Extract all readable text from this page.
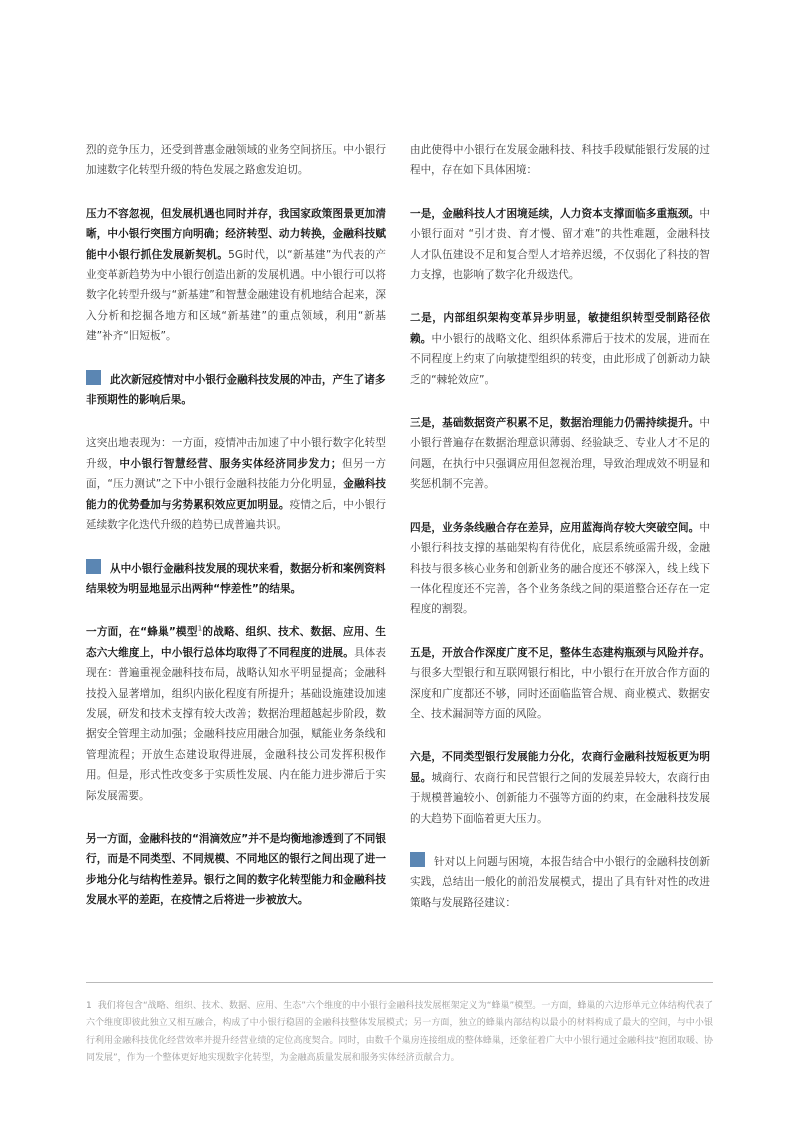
烈的竞争压力，还受到普惠金融领域的业务空间挤压。中小银行加速数字化转型升级的特色发展之路愈发迫切。

压力不容忽视，但发展机遇也同时并存，我国家政策图景更加清晰，中小银行突围方向明确；经济转型、动力转换，金融科技赋能中小银行抓住发展新契机。5G时代，以“新基建”为代表的产业变革新趋势为中小银行创造出新的发展机遇。中小银行可以将数字化转型升级与“新基建”和智慧金融建设有机地结合起来，深入分析和挖掘各地方和区域“新基建”的重点领域，利用“新基建”补齐“旧短板”。

此次新冠疫情对中小银行金融科技发展的冲击，产生了诸多非预期性的影响后果。

这突出地表现为：一方面，疫情冲击加速了中小银行数字化转型升级，中小银行智慧经营、服务实体经济同步发力；但另一方面，“压力测试”之下中小银行金融科技能力分化明显，金融科技能力的优势叠加与劣势累积效应更加明显。疫情之后，中小银行延续数字化迭代升级的趋势已成普遍共识。

从中小银行金融科技发展的现状来看，数据分析和案例资料结果较为明显地显示出两种“悖差性”的结果。

一方面，在“蜂巢”模型$^1$的战略、组织、技术、数据、应用、生态六大维度上，中小银行总体均取得了不同程度的进展。具体表现在：普遍重视金融科技布局，战略认知水平明显提高；金融科技投入显著增加，组织内嵌化程度有所提升；基础设施建设加速发展，研发和技术支撑有较大改善；数据治理超越起步阶段，数据安全管理主动加强；金融科技应用融合加强，赋能业务条线和管理流程；开放生态建设取得进展，金融科技公司发挥积极作用。但是，形式性改变多于实质性发展、内在能力进步滞后于实际发展需要。

另一方面，金融科技的“涓滴效应”并不是均衡地渗透到了不同银行，而是不同类型、不同规模、不同地区的银行之间出现了进一步地分化与结构性差异。银行之间的数字化转型能力和金融科技发展水平的差距，在疫情之后将进一步被放大。

由此使得中小银行在发展金融科技、科技手段赋能银行发展的过程中，存在如下具体困境：

一是，金融科技人才困境延续，人力资本支撑面临多重瓶颈。中小银行面对 “引才贵、育才慢、留才难”的共性难题，金融科技人才队伍建设不足和复合型人才培养迟缓，不仅弱化了科技的智力支撑，也影响了数字化升级迭代。

二是，内部组织架构变革异步明显，敏捷组织转型受制路径依赖。中小银行的战略文化、组织体系滞后于技术的发展，进而在不同程度上约束了向敏捷型组织的转变，由此形成了创新动力缺乏的“棘轮效应”。

三是，基础数据资产积累不足，数据治理能力仍需持续提升。中小银行普遍存在数据治理意识薄弱、经验缺乏、专业人才不足的问题，在执行中只强调应用但忽视治理，导致治理成效不明显和奖惩机制不完善。

四是，业务条线融合存在差异，应用蓝海尚存较大突破空间。中小银行科技支撑的基础架构有待优化，底层系统亟需升级，金融科技与很多核心业务和创新业务的融合度还不够深入，线上线下一体化程度还不完善，各个业务条线之间的渠道整合还存在一定程度的割裂。

五是，开放合作深度广度不足，整体生态建构瓶颈与风险并存。与很多大型银行和互联网银行相比，中小银行在开放合作方面的深度和广度都还不够，同时还面临监管合规、商业模式、数据安全、技术漏洞等方面的风险。

六是，不同类型银行发展能力分化，农商行金融科技短板更为明显。城商行、农商行和民营银行之间的发展差异较大，农商行由于规模普遍较小、创新能力不强等方面的约束，在金融科技发展的大趋势下面临着更大压力。

针对以上问题与困境，本报告结合中小银行的金融科技创新实践，总结出一般化的前沿发展模式，提出了具有针对性的改进策略与发展路径建议：

1 我们将包含“战略、组织、技术、数据、应用、生态”六个维度的中小银行金融科技发展框架定义为“蜂巢”模型。一方面，蜂巢的六边形单元立体结构代表了六个维度即彼此独立又相互融合，构成了中小银行稳固的金融科技整体发展模式；另一方面，独立的蜂巢内部结构以最小的材料构成了最大的空间，与中小银行利用金融科技优化经营效率并提升经营业绩的定位高度契合。同时，由数千个巢房连接组成的整体蜂巢，还象征着广大中小银行通过金融科技“抱团取暖、协同发展”，作为一个整体更好地实现数字化转型，为金融高质量发展和服务实体经济贡献合力。
